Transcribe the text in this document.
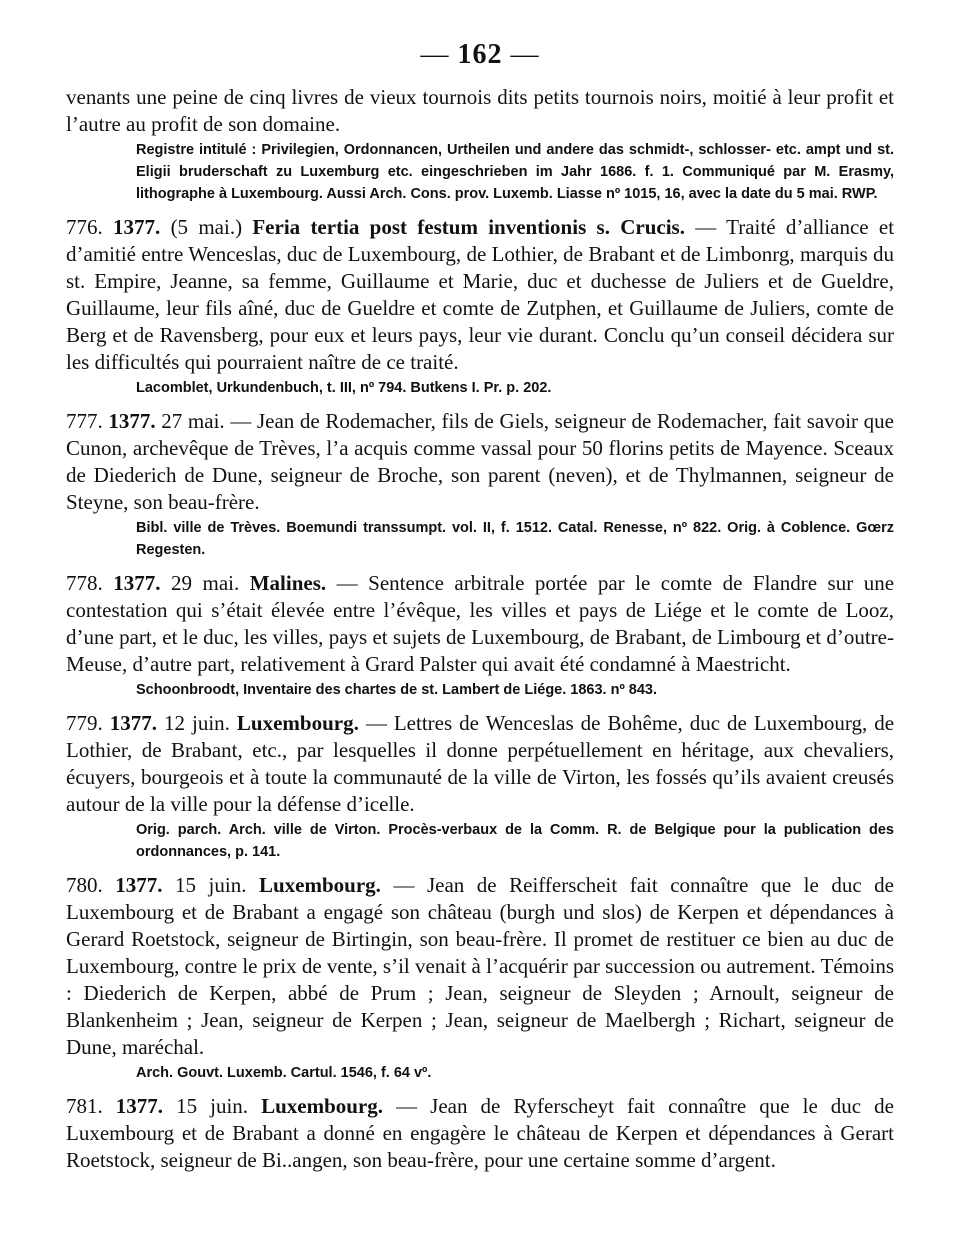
— 162 —

venants une peine de cinq livres de vieux tournois dits petits tournois noirs, moitié à leur profit et l’autre au profit de son domaine.

Registre intitulé : Privilegien, Ordonnancen, Urtheilen und andere das schmidt-, schlosser- etc. ampt und st. Eligii bruderschaft zu Luxemburg etc. eingeschrieben im Jahr 1686. f. 1. Communiqué par M. Erasmy, lithographe à Luxembourg. Aussi Arch. Cons. prov. Luxemb. Liasse nº 1015, 16, avec la date du 5 mai. RWP.

776. 1377. (5 mai.) Feria tertia post festum inventionis s. Crucis. — Traité d’alliance et d’amitié entre Wenceslas, duc de Luxembourg, de Lothier, de Brabant et de Limbonrg, marquis du st. Empire, Jeanne, sa femme, Guillaume et Marie, duc et duchesse de Juliers et de Gueldre, Guillaume, leur fils aîné, duc de Gueldre et comte de Zutphen, et Guillaume de Juliers, comte de Berg et de Ravensberg, pour eux et leurs pays, leur vie durant. Conclu qu’un conseil décidera sur les difficultés qui pourraient naître de ce traité.

Lacomblet, Urkundenbuch, t. III, nº 794. Butkens I. Pr. p. 202.

777. 1377. 27 mai. — Jean de Rodemacher, fils de Giels, seigneur de Rodemacher, fait savoir que Cunon, archevêque de Trèves, l’a acquis comme vassal pour 50 florins petits de Mayence. Sceaux de Diederich de Dune, seigneur de Broche, son parent (neven), et de Thylmannen, seigneur de Steyne, son beau-frère.

Bibl. ville de Trèves. Boemundi transsumpt. vol. II, f. 1512. Catal. Renesse, nº 822. Orig. à Coblence. Gœrz Regesten.

778. 1377. 29 mai. Malines. — Sentence arbitrale portée par le comte de Flandre sur une contestation qui s’était élevée entre l’évêque, les villes et pays de Liége et le comte de Looz, d’une part, et le duc, les villes, pays et sujets de Luxembourg, de Brabant, de Limbourg et d’outre-Meuse, d’autre part, relativement à Grard Palster qui avait été condamné à Maestricht.

Schoonbroodt, Inventaire des chartes de st. Lambert de Liége. 1863. nº 843.

779. 1377. 12 juin. Luxembourg. — Lettres de Wenceslas de Bohême, duc de Luxembourg, de Lothier, de Brabant, etc., par lesquelles il donne perpétuellement en héritage, aux chevaliers, écuyers, bourgeois et à toute la communauté de la ville de Virton, les fossés qu’ils avaient creusés autour de la ville pour la défense d’icelle.

Orig. parch. Arch. ville de Virton. Procès-verbaux de la Comm. R. de Belgique pour la publication des ordonnances, p. 141.

780. 1377. 15 juin. Luxembourg. — Jean de Reifferscheit fait connaître que le duc de Luxembourg et de Brabant a engagé son château (burgh und slos) de Kerpen et dépendances à Gerard Roetstock, seigneur de Birtingin, son beau-frère. Il promet de restituer ce bien au duc de Luxembourg, contre le prix de vente, s’il venait à l’acquérir par succession ou autrement. Témoins : Diederich de Kerpen, abbé de Prum ; Jean, seigneur de Sleyden ; Arnoult, seigneur de Blankenheim ; Jean, seigneur de Kerpen ; Jean, seigneur de Maelbergh ; Richart, seigneur de Dune, maréchal.

Arch. Gouvt. Luxemb. Cartul. 1546, f. 64 vº.

781. 1377. 15 juin. Luxembourg. — Jean de Ryferscheyt fait connaître que le duc de Luxembourg et de Brabant a donné en engagère le château de Kerpen et dépendances à Gerart Roetstock, seigneur de Bi..angen, son beau-frère, pour une certaine somme d’argent.
